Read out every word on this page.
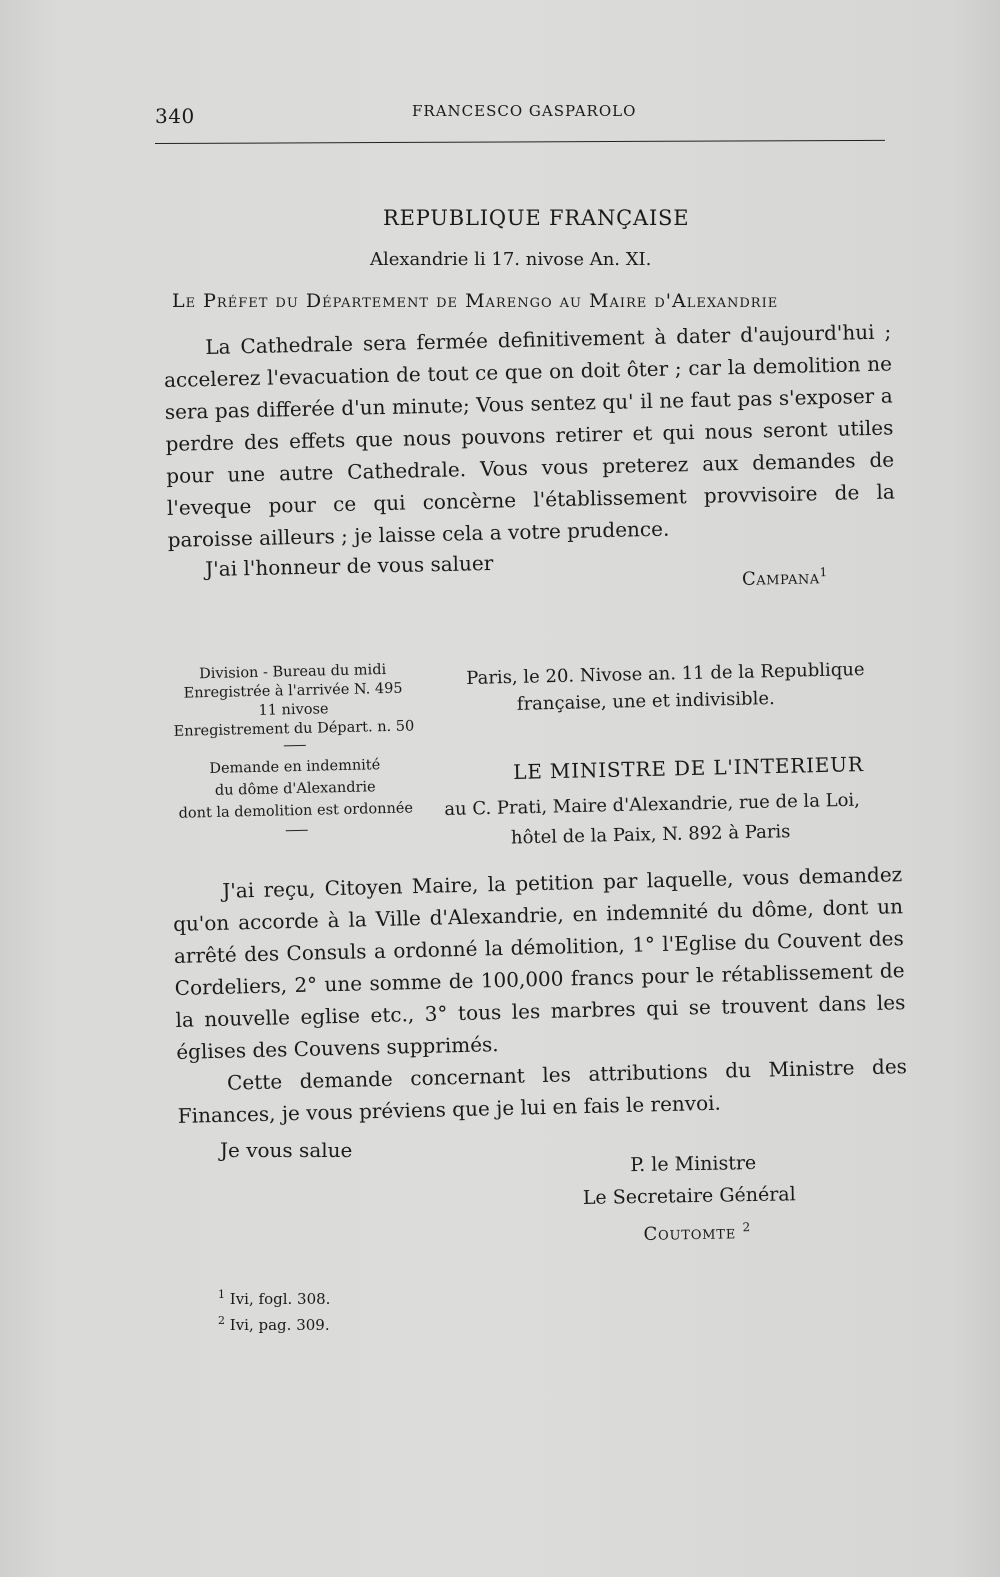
340	FRANCESCO GASPAROLO
REPUBLIQUE FRANÇAISE
Alexandrie li 17. nivose An. XI.
Le Préfet du Département de Marengo au Maire d'Alexandrie
La Cathedrale sera fermée definitivement à dater d'aujourd'hui ; accelerez l'evacuation de tout ce que on doit ôter ; car la demolition ne sera pas differée d'un minute; Vous sentez qu' il ne faut pas s'exposer a perdre des effets que nous pouvons retirer et qui nous seront utiles pour une autre Cathedrale. Vous vous preterez aux demandes de l'eveque pour ce qui concèrne l'établissement provvisoire de la paroisse ailleurs ; je laisse cela a votre prudence.
J'ai l'honneur de vous saluer	Campana$^1$
Division - Bureau du midi
Enregistrée à l'arrivée N. 495
11 nivose
Enregistrement du Départ. n. 50
Demande en indemnité
du dôme d'Alexandrie
dont la demolition est ordonnée
Paris, le 20. Nivose an. 11 de la Republique
française, une et indivisible.
LE MINISTRE DE L'INTERIEUR
au C. Prati, Maire d'Alexandrie, rue de la Loi,
hôtel de la Paix, N. 892 à Paris
J'ai reçu, Citoyen Maire, la petition par laquelle, vous demandez qu'on accorde à la Ville d'Alexandrie, en indemnité du dôme, dont un arrêté des Consuls a ordonné la démolition, 1° l'Eglise du Couvent des Cordeliers, 2° une somme de 100,000 francs pour le rétablissement de la nouvelle eglise etc., 3° tous les marbres qui se trouvent dans les églises des Couvens supprimés.
Cette demande concernant les attributions du Ministre des Finances, je vous préviens que je lui en fais le renvoi.
Je vous salue
P. le Ministre
Le Secretaire Général
Coutomte $^2$
$^1$ Ivi, fogl. 308.
$^2$ Ivi, pag. 309.
